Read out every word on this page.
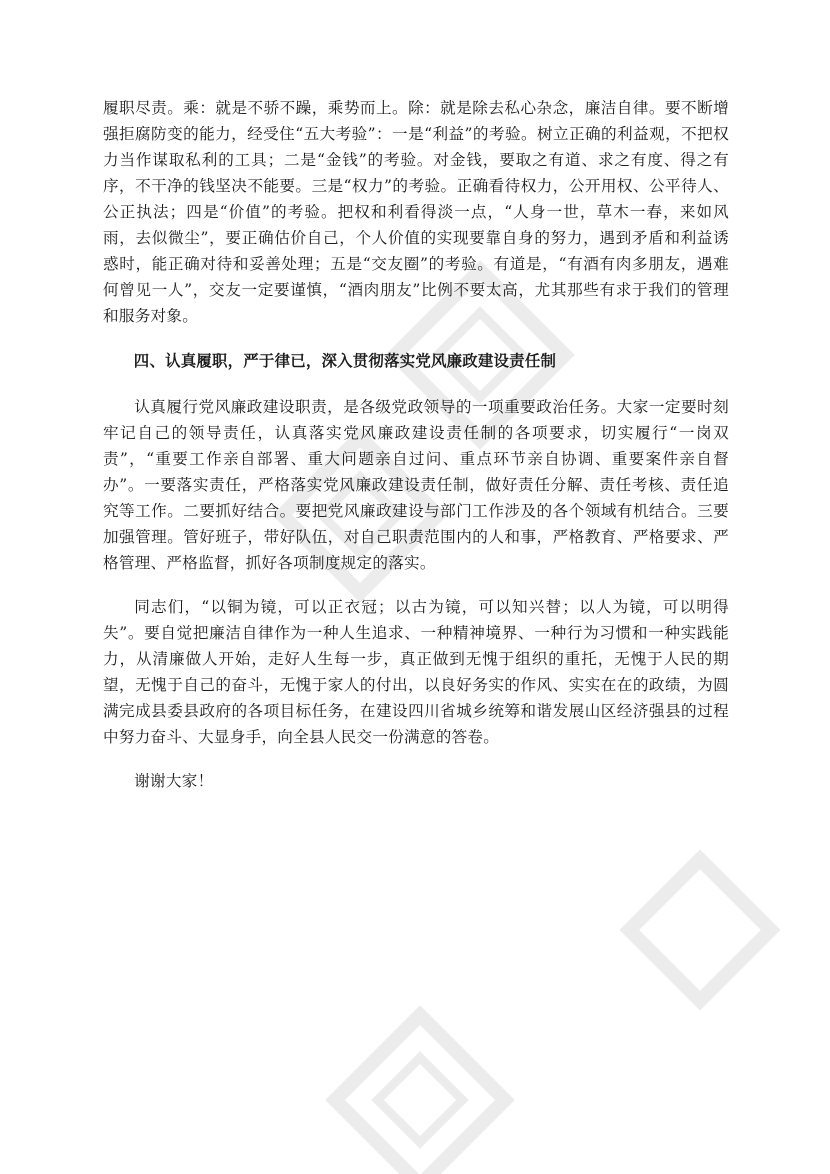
履职尽责。乘：就是不骄不躁，乘势而上。除：就是除去私心杂念，廉洁自律。要不断增强拒腐防变的能力，经受住“五大考验”：一是“利益”的考验。树立正确的利益观，不把权力当作谋取私利的工具；二是“金钱”的考验。对金钱，要取之有道、求之有度、得之有序，不干净的钱坚决不能要。三是“权力”的考验。正确看待权力，公开用权、公平待人、公正执法；四是“价值”的考验。把权和利看得淡一点，“人身一世，草木一春，来如风雨，去似微尘”，要正确估价自己，个人价值的实现要靠自身的努力，遇到矛盾和利益诱惑时，能正确对待和妥善处理；五是“交友圈”的考验。有道是，“有酒有肉多朋友，遇难何曾见一人”，交友一定要谨慎，“酒肉朋友”比例不要太高，尤其那些有求于我们的管理和服务对象。

四、认真履职，严于律已，深入贯彻落实党风廉政建设责任制

认真履行党风廉政建设职责，是各级党政领导的一项重要政治任务。大家一定要时刻牢记自己的领导责任，认真落实党风廉政建设责任制的各项要求，切实履行“一岗双责”，“重要工作亲自部署、重大问题亲自过问、重点环节亲自协调、重要案件亲自督办”。一要落实责任，严格落实党风廉政建设责任制，做好责任分解、责任考核、责任追究等工作。二要抓好结合。要把党风廉政建设与部门工作涉及的各个领域有机结合。三要加强管理。管好班子，带好队伍，对自己职责范围内的人和事，严格教育、严格要求、严格管理、严格监督，抓好各项制度规定的落实。

同志们，“以铜为镜，可以正衣冠；以古为镜，可以知兴替；以人为镜，可以明得失”。要自觉把廉洁自律作为一种人生追求、一种精神境界、一种行为习惯和一种实践能力，从清廉做人开始，走好人生每一步，真正做到无愧于组织的重托，无愧于人民的期望，无愧于自己的奋斗，无愧于家人的付出，以良好务实的作风、实实在在的政绩，为圆满完成县委县政府的各项目标任务，在建设四川省城乡统筹和谐发展山区经济强县的过程中努力奋斗、大显身手，向全县人民交一份满意的答卷。

谢谢大家！
